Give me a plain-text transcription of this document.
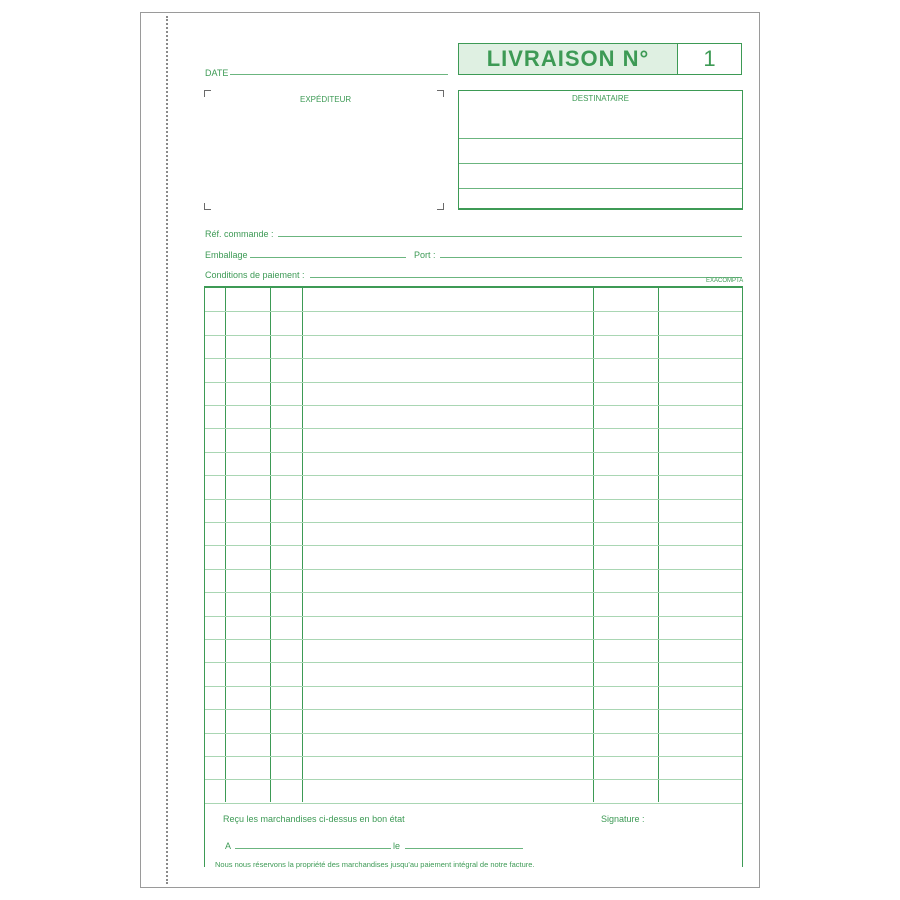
DATE
LIVRAISON N°	1
EXPÉDITEUR	DESTINATAIRE
Réf. commande :
Emballage	Port :
Conditions de paiement :
EXACOMPTA
Reçu les marchandises ci-dessus en bon état	Signature :
A	le
Nous nous réservons la propriété des marchandises jusqu'au paiement intégral de notre facture.
